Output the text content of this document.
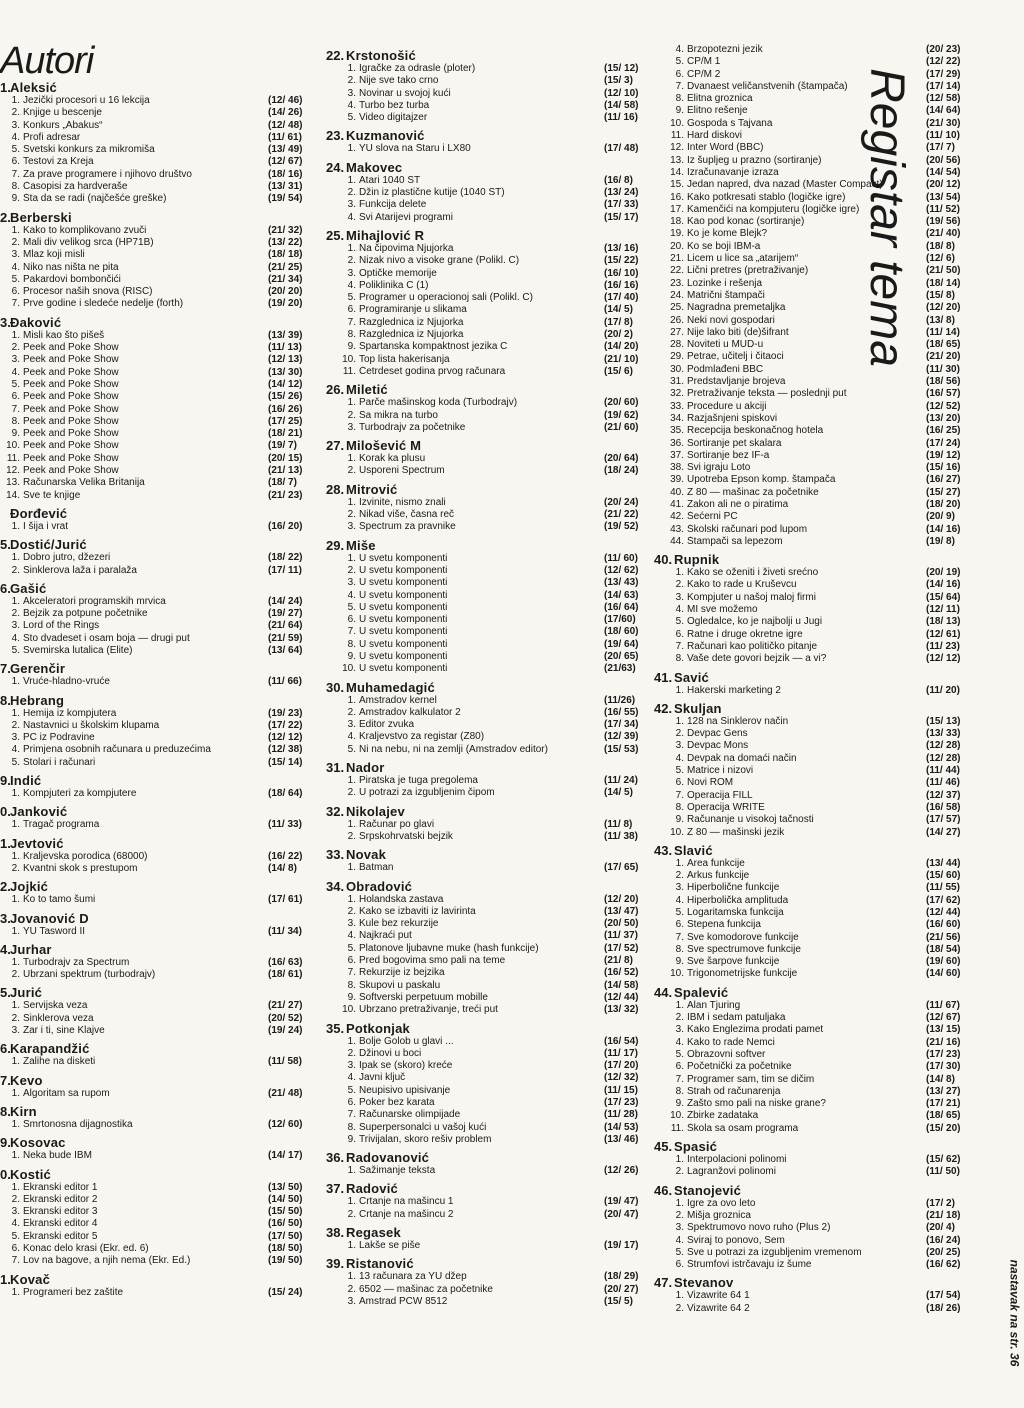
Autori
Registar tema
nastavak na str. 36
1. Aleksić
1. Jezički procesori u 16 lekcija	(12/ 46)
2. Knjige u bescenje	(14/ 26)
3. Konkurs „Abakus“	(12/ 48)
4. Profi adresar	(11/ 61)
5. Svetski konkurs za mikromiša	(13/ 49)
6. Testovi za Kreja	(12/ 67)
7. Za prave programere i njihovo društvo	(18/ 16)
8. Časopisi za hardveraše	(13/ 31)
9. Šta da se radi (najčešće greške)	(19/ 54)
2. Berberski
1. Kako to komplikovano zvuči	(21/ 32)
2. Mali div velikog srca (HP71B)	(13/ 22)
3. Mlaz koji misli	(18/ 18)
4. Niko nas ništa ne pita	(21/ 25)
5. Pakardovi bombončići	(21/ 34)
6. Procesor naših snova (RISC)	(20/ 20)
7. Prve godine i sledeće nedelje (forth)	(19/ 20)
3. Đaković
1. Misli kao što pišeš	(13/ 39)
2. Peek and Poke Show	(11/ 13)
3. Peek and Poke Show	(12/ 13)
4. Peek and Poke Show	(13/ 30)
5. Peek and Poke Show	(14/ 12)
6. Peek and Poke Show	(15/ 26)
7. Peek and Poke Show	(16/ 26)
8. Peek and Poke Show	(17/ 25)
9. Peek and Poke Show	(18/ 21)
10. Peek and Poke Show	(19/ 7)
11. Peek and Poke Show	(20/ 15)
12. Peek and Poke Show	(21/ 13)
13. Računarska Velika Britanija	(18/ 7)
14. Sve te knjige	(21/ 23)
Đorđević
1. I šija i vrat	(16/ 20)
5. Dostić/Jurić
1. Dobro jutro, džezeri	(18/ 22)
2. Sinklerova laža i paralaža	(17/ 11)
6. Gašić
1. Akceleratori programskih mrvica	(14/ 24)
2. Bejzik za potpune početnike	(19/ 27)
3. Lord of the Rings	(21/ 64)
4. Sto dvadeset i osam boja — drugi put	(21/ 59)
5. Svemirska lutalica (Elite)	(13/ 64)
7. Gerenčir
1. Vruće-hladno-vruće	(11/ 66)
8. Hebrang
1. Hemija iz kompjutera	(19/ 23)
2. Nastavnici u školskim klupama	(17/ 22)
3. PC iz Podravine	(12/ 12)
4. Primjena osobnih računara u preduzećima	(12/ 38)
5. Stolari i računari	(15/ 14)
9. Indić
1. Kompjuteri za kompjutere	(18/ 64)
0. Janković
1. Tragač programa	(11/ 33)
1. Jevtović
1. Kraljevska porodica (68000)	(16/ 22)
2. Kvantni skok s prestupom	(14/ 8)
2. Jojkić
1. Ko to tamo šumi	(17/ 61)
3. Jovanović D
1. YU Tasword II	(11/ 34)
4. Jurhar
1. Turbodrajv za Spectrum	(16/ 63)
2. Ubrzani spektrum (turbodrajv)	(18/ 61)
5. Jurić
1. Servijska veza	(21/ 27)
2. Sinklerova veza	(20/ 52)
3. Zar i ti, sine Klajve	(19/ 24)
6. Karapandžić
1. Zalihe na disketi	(11/ 58)
7. Kevo
1. Algoritam sa rupom	(21/ 48)
8. Kirn
1. Smrtonosna dijagnostika	(12/ 60)
9. Kosovac
1. Neka bude IBM	(14/ 17)
0. Kostić
1. Ekranski editor 1	(13/ 50)
2. Ekranski editor 2	(14/ 50)
3. Ekranski editor 3	(15/ 50)
4. Ekranski editor 4	(16/ 50)
5. Ekranski editor 5	(17/ 50)
6. Konac delo krasi (Ekr. ed. 6)	(18/ 50)
7. Lov na bagove, a njih nema (Ekr. Ed.)	(19/ 50)
1. Kovač
1. Programeri bez zaštite	(15/ 24)
22. Krstonošić
1. Igračke za odrasle (ploter)	(15/ 12)
2. Nije sve tako crno	(15/ 3)
3. Novinar u svojoj kući	(12/ 10)
4. Turbo bez turba	(14/ 58)
5. Video digitajzer	(11/ 16)
23. Kuzmanović
1. YU slova na Staru i LX80	(17/ 48)
24. Makovec
1. Atari 1040 ST	(16/ 8)
2. Džin iz plastične kutije (1040 ST)	(13/ 24)
3. Funkcija delete	(17/ 33)
4. Svi Atarijevi programi	(15/ 17)
25. Mihajlović R
1. Na čipovima Njujorka	(13/ 16)
2. Nizak nivo a visoke grane (Polikl. C)	(15/ 22)
3. Optičke memorije	(16/ 10)
4. Poliklinika C (1)	(16/ 16)
5. Programer u operacionoj sali (Polikl. C)	(17/ 40)
6. Programiranje u slikama	(14/ 5)
7. Razglednica iz Njujorka	(17/ 8)
8. Razglednica iz Njujorka	(20/ 2)
9. Spartanska kompaktnost jezika C	(14/ 20)
10. Top lista hakerisanja	(21/ 10)
11. Četrdeset godina prvog računara	(15/ 6)
26. Miletić
1. Parče mašinskog koda (Turbodrajv)	(20/ 60)
2. Sa mikra na turbo	(19/ 62)
3. Turbodrajv za početnike	(21/ 60)
27. Milošević M
1. Korak ka plusu	(20/ 64)
2. Usporeni Spectrum	(18/ 24)
28. Mitrović
1. Izvinite, nismo znali	(20/ 24)
2. Nikad više, časna reč	(21/ 22)
3. Spectrum za pravnike	(19/ 52)
29. Miše
1. U svetu komponenti	(11/ 60)
2. U svetu komponenti	(12/ 62)
3. U svetu komponenti	(13/ 43)
4. U svetu komponenti	(14/ 63)
5. U svetu komponenti	(16/ 64)
6. U svetu komponenti	(17/60)
7. U svetu komponenti	(18/ 60)
8. U svetu komponenti	(19/ 64)
9. U svetu komponenti	(20/ 65)
10. U svetu komponenti	(21/63)
30. Muhamedagić
1. Amstradov kernel	(11/26)
2. Amstradov kalkulator 2	(16/ 55)
3. Editor zvuka	(17/ 34)
4. Kraljevstvo za registar (Z80)	(12/ 39)
5. Ni na nebu, ni na zemlji (Amstradov editor)	(15/ 53)
31. Nador
1. Piratska je tuga pregolema	(11/ 24)
2. U potrazi za izgubljenim čipom	(14/ 5)
32. Nikolajev
1. Računar po glavi	(11/ 8)
2. Srpskohrvatski bejzik	(11/ 38)
33. Novak
1. Batman	(17/ 65)
34. Obradović
1. Holandska zastava	(12/ 20)
2. Kako se izbaviti iz lavirinta	(13/ 47)
3. Kule bez rekurzije	(20/ 50)
4. Najkraći put	(11/ 37)
5. Platonove ljubavne muke (hash funkcije)	(17/ 52)
6. Pred bogovima smo pali na teme	(21/ 8)
7. Rekurzije iz bejzika	(16/ 52)
8. Skupovi u paskalu	(14/ 58)
9. Softverski perpetuum mobille	(12/ 44)
10. Ubrzano pretraživanje, treći put	(13/ 32)
35. Potkonjak
1. Bolje Golob u glavi ...	(16/ 54)
2. Džinovi u boci	(11/ 17)
3. Ipak se (skoro) kreće	(17/ 20)
4. Javni ključ	(12/ 32)
5. Neupisivo upisivanje	(11/ 15)
6. Poker bez karata	(17/ 23)
7. Računarske olimpijade	(11/ 28)
8. Superpersonalci u vašoj kući	(14/ 53)
9. Trivijalan, skoro rešiv problem	(13/ 46)
36. Radovanović
1. Sažimanje teksta	(12/ 26)
37. Radović
1. Crtanje na mašincu 1	(19/ 47)
2. Crtanje na mašincu 2	(20/ 47)
38. Regasek
1. Lakše se piše	(19/ 17)
39. Ristanović
1. 13 računara za YU džep	(18/ 29)
2. 6502 — mašinac za početnike	(20/ 27)
3. Amstrad PCW 8512	(15/ 5)
4. Brzopotezni jezik	(20/ 23)
5. CP/M 1	(12/ 22)
6. CP/M 2	(17/ 29)
7. Dvanaest veličanstvenih (štampača)	(17/ 14)
8. Elitna groznica	(12/ 58)
9. Elitno rešenje	(14/ 64)
10. Gospoda s Tajvana	(21/ 30)
11. Hard diskovi	(11/ 10)
12. Inter Word (BBC)	(17/ 7)
13. Iz šupljeg u prazno (sortiranje)	(20/ 56)
14. Izračunavanje izraza	(14/ 54)
15. Jedan napred, dva nazad (Master Compact)	(20/ 12)
16. Kako potkresati stablo (logičke igre)	(13/ 54)
17. Kamenčići na kompjuteru (logičke igre)	(11/ 52)
18. Kao pod konac (sortiranje)	(19/ 56)
19. Ko je kome Blejk?	(21/ 40)
20. Ko se boji IBM-a	(18/ 8)
21. Licem u lice sa „atarijem“	(12/ 6)
22. Lični pretres (pretraživanje)	(21/ 50)
23. Lozinke i rešenja	(18/ 14)
24. Matrični štampači	(15/ 8)
25. Nagradna premetaljka	(12/ 20)
26. Neki novi gospodari	(13/ 8)
27. Nije lako biti (de)šifrant	(11/ 14)
28. Noviteti u MUD-u	(18/ 65)
29. Petrae, učitelj i čitaoci	(21/ 20)
30. Podmlađeni BBC	(11/ 30)
31. Predstavljanje brojeva	(18/ 56)
32. Pretraživanje teksta — poslednji put	(16/ 57)
33. Procedure u akciji	(12/ 52)
34. Razjašnjeni spiskovi	(13/ 20)
35. Recepcija beskonačnog hotela	(16/ 25)
36. Sortiranje pet skalara	(17/ 24)
37. Sortiranje bez IF-a	(19/ 12)
38. Svi igraju Loto	(15/ 16)
39. Upotreba Epson komp. štampača	(16/ 27)
40. Z 80 — mašinac za početnike	(15/ 27)
41. Zakon ali ne o piratima	(18/ 20)
42. Šećerni PC	(20/ 9)
43. Školski računari pod lupom	(14/ 16)
44. Štampači sa lepezom	(19/ 8)
40. Rupnik
1. Kako se oženiti i živeti srećno	(20/ 19)
2. Kako to rade u Kruševcu	(14/ 16)
3. Kompjuter u našoj maloj firmi	(15/ 64)
4. MI sve možemo	(12/ 11)
5. Ogledalce, ko je najbolji u Jugi	(18/ 13)
6. Ratne i druge okretne igre	(12/ 61)
7. Računari kao političko pitanje	(11/ 23)
8. Vaše dete govori bejzik — a vi?	(12/ 12)
41. Savić
1. Hakerski marketing 2	(11/ 20)
42. Skuljan
1. 128 na Sinklerov način	(15/ 13)
2. Devpac Gens	(13/ 33)
3. Devpac Mons	(12/ 28)
4. Devpak na domaći način	(12/ 28)
5. Matrice i nizovi	(11/ 44)
6. Novi ROM	(11/ 46)
7. Operacija FILL	(12/ 37)
8. Operacija WRITE	(16/ 58)
9. Računanje u visokoj tačnosti	(17/ 57)
10. Z 80 — mašinski jezik	(14/ 27)
43. Slavić
1. Area funkcije	(13/ 44)
2. Arkus funkcije	(15/ 60)
3. Hiperbolične funkcije	(11/ 55)
4. Hiperbolička amplituda	(17/ 62)
5. Logaritamska funkcija	(12/ 44)
6. Stepena funkcija	(16/ 60)
7. Sve komodorove funkcije	(21/ 56)
8. Sve spectrumove funkcije	(18/ 54)
9. Sve šarpove funkcije	(19/ 60)
10. Trigonometrijske funkcije	(14/ 60)
44. Spalević
1. Alan Tjuring	(11/ 67)
2. IBM i sedam patuljaka	(12/ 67)
3. Kako Englezima prodati pamet	(13/ 15)
4. Kako to rade Nemci	(21/ 16)
5. Obrazovni softver	(17/ 23)
6. Početnički za početnike	(17/ 30)
7. Programer sam, tim se dičim	(14/ 8)
8. Strah od računarenja	(13/ 27)
9. Zašto smo pali na niske grane?	(17/ 21)
10. Zbirke zadataka	(18/ 65)
11. Škola sa osam programa	(15/ 20)
45. Spasić
1. Interpolacioni polinomi	(15/ 62)
2. Lagranžovi polinomi	(11/ 50)
46. Stanojević
1. Igre za ovo leto	(17/ 2)
2. Mišja groznica	(21/ 18)
3. Spektrumovo novo ruho (Plus 2)	(20/ 4)
4. Sviraj to ponovo, Sem	(16/ 24)
5. Sve u potrazi za izgubljenim vremenom	(20/ 25)
6. Štrumfovi istrčavaju iz šume	(16/ 62)
47. Stevanov
1. Vizawrite 64 1	(17/ 54)
2. Vizawrite 64 2	(18/ 26)
